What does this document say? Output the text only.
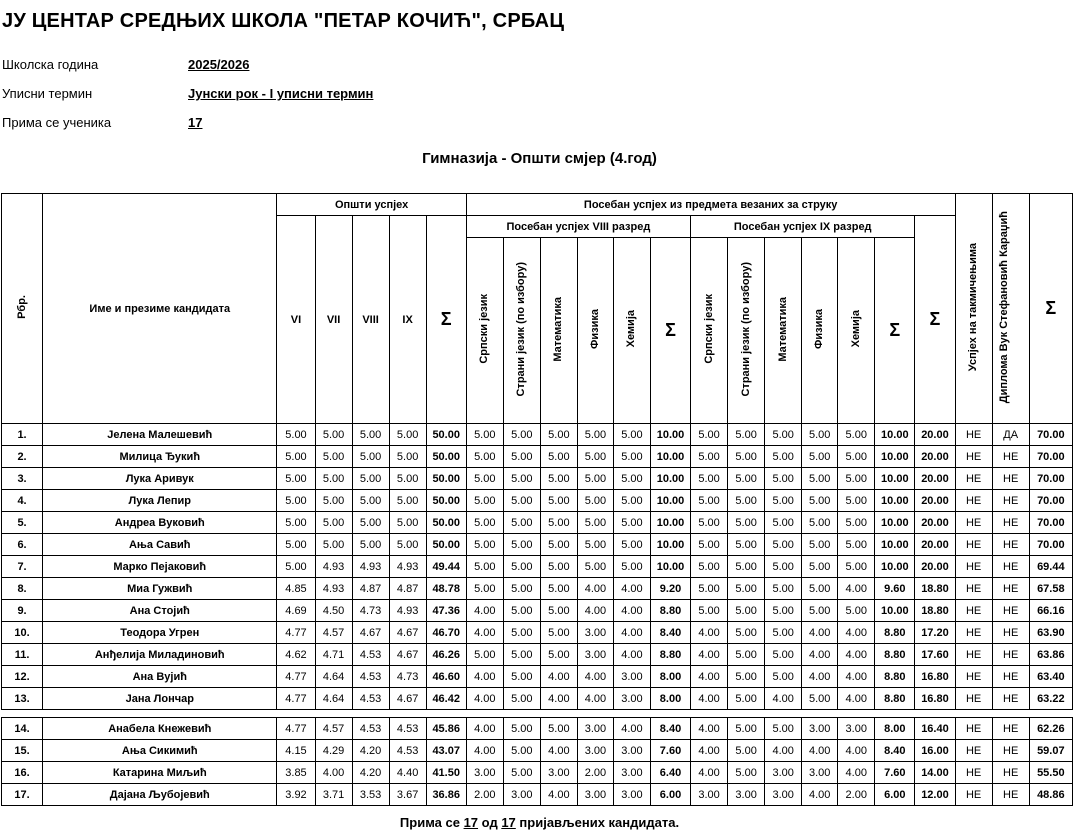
ЈУ ЦЕНТАР СРЕДЊИХ ШКОЛА "ПЕТАР КОЧИЋ", СРБАЦ
Школска година	2025/2026
Уписни термин	Јунски рок - I уписни термин
Прима се ученика	17
Гимназија - Општи смјер (4.год)
Рбр.	Име и презиме кандидата	Општи успјех					Посебан успјех из предмета везаних за струку													Успјех на такмичењима	Диплома Вук Стефановић Караџић	Σ
		VI	VII	VIII	IX	Σ	Посебан успјех VIII разред						Посебан успјех IX разред						Σ			
							Српски језик	Страни језик (по избору)	Математика	Физика	Хемија	Σ	Српски језик	Страни језик (по избору)	Математика	Физика	Хемија	Σ				
1.	Јелена Малешевић	5.00	5.00	5.00	5.00	50.00	5.00	5.00	5.00	5.00	5.00	10.00	5.00	5.00	5.00	5.00	5.00	10.00	20.00	НЕ	ДА	70.00
2.	Милица Ђукић	5.00	5.00	5.00	5.00	50.00	5.00	5.00	5.00	5.00	5.00	10.00	5.00	5.00	5.00	5.00	5.00	10.00	20.00	НЕ	НЕ	70.00
3.	Лука Аривук	5.00	5.00	5.00	5.00	50.00	5.00	5.00	5.00	5.00	5.00	10.00	5.00	5.00	5.00	5.00	5.00	10.00	20.00	НЕ	НЕ	70.00
4.	Лука Лепир	5.00	5.00	5.00	5.00	50.00	5.00	5.00	5.00	5.00	5.00	10.00	5.00	5.00	5.00	5.00	5.00	10.00	20.00	НЕ	НЕ	70.00
5.	Андреа Вуковић	5.00	5.00	5.00	5.00	50.00	5.00	5.00	5.00	5.00	5.00	10.00	5.00	5.00	5.00	5.00	5.00	10.00	20.00	НЕ	НЕ	70.00
6.	Ања Савић	5.00	5.00	5.00	5.00	50.00	5.00	5.00	5.00	5.00	5.00	10.00	5.00	5.00	5.00	5.00	5.00	10.00	20.00	НЕ	НЕ	70.00
7.	Марко Пејаковић	5.00	4.93	4.93	4.93	49.44	5.00	5.00	5.00	5.00	5.00	10.00	5.00	5.00	5.00	5.00	5.00	10.00	20.00	НЕ	НЕ	69.44
8.	Миа Гужвић	4.85	4.93	4.87	4.87	48.78	5.00	5.00	5.00	4.00	4.00	9.20	5.00	5.00	5.00	5.00	4.00	9.60	18.80	НЕ	НЕ	67.58
9.	Ана Стојић	4.69	4.50	4.73	4.93	47.36	4.00	5.00	5.00	4.00	4.00	8.80	5.00	5.00	5.00	5.00	5.00	10.00	18.80	НЕ	НЕ	66.16
10.	Теодора Угрен	4.77	4.57	4.67	4.67	46.70	4.00	5.00	5.00	3.00	4.00	8.40	4.00	5.00	5.00	4.00	4.00	8.80	17.20	НЕ	НЕ	63.90
11.	Анђелија Миладиновић	4.62	4.71	4.53	4.67	46.26	5.00	5.00	5.00	3.00	4.00	8.80	4.00	5.00	5.00	4.00	4.00	8.80	17.60	НЕ	НЕ	63.86
12.	Ана Вујић	4.77	4.64	4.53	4.73	46.60	4.00	5.00	4.00	4.00	3.00	8.00	4.00	5.00	5.00	4.00	4.00	8.80	16.80	НЕ	НЕ	63.40
13.	Јана Лончар	4.77	4.64	4.53	4.67	46.42	4.00	5.00	4.00	4.00	3.00	8.00	4.00	5.00	4.00	5.00	4.00	8.80	16.80	НЕ	НЕ	63.22

14.	Анабела Кнежевић	4.77	4.57	4.53	4.53	45.86	4.00	5.00	5.00	3.00	4.00	8.40	4.00	5.00	5.00	3.00	3.00	8.00	16.40	НЕ	НЕ	62.26
15.	Ања Сикимић	4.15	4.29	4.20	4.53	43.07	4.00	5.00	4.00	3.00	3.00	7.60	4.00	5.00	4.00	4.00	4.00	8.40	16.00	НЕ	НЕ	59.07
16.	Катарина Миљић	3.85	4.00	4.20	4.40	41.50	3.00	5.00	3.00	2.00	3.00	6.40	4.00	5.00	3.00	3.00	4.00	7.60	14.00	НЕ	НЕ	55.50
17.	Дајана Љубојевић	3.92	3.71	3.53	3.67	36.86	2.00	3.00	4.00	3.00	3.00	6.00	3.00	3.00	3.00	4.00	2.00	6.00	12.00	НЕ	НЕ	48.86
Прима се 17 од 17 пријављених кандидата.
